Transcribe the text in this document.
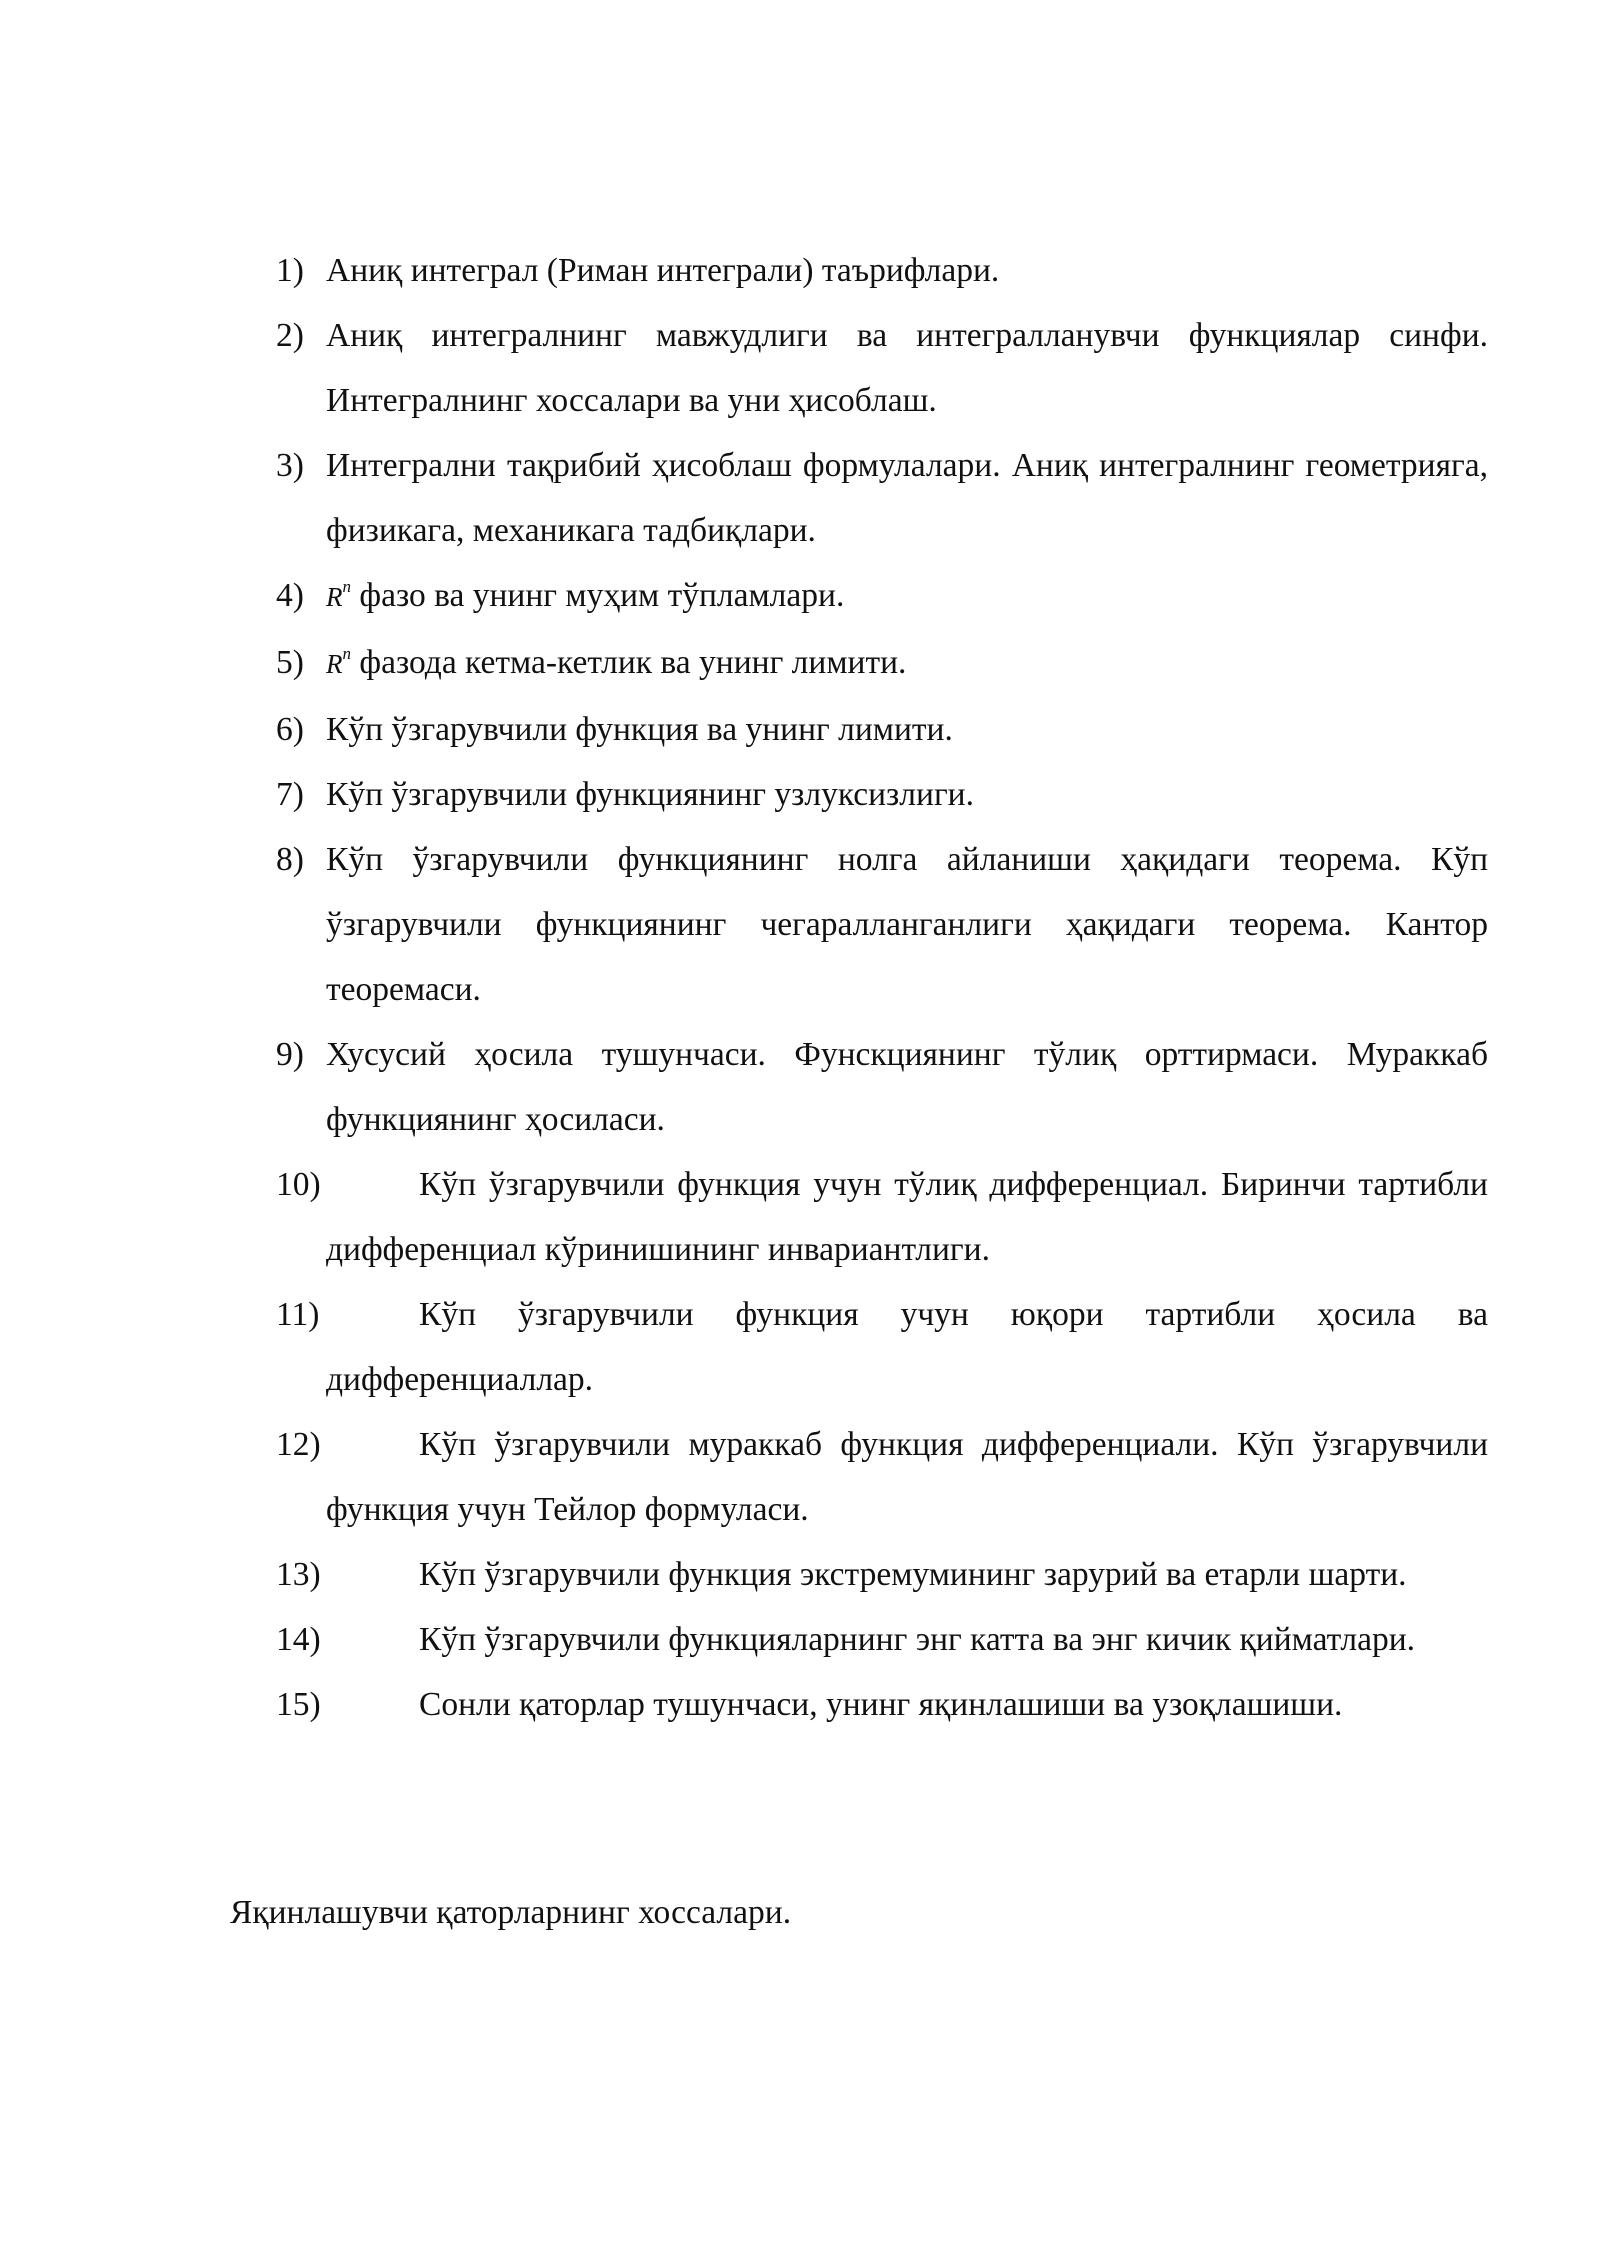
1) Аниқ интеграл (Риман интеграли) таърифлари.
2) Аниқ интегралнинг мавжудлиги ва интегралланувчи функциялар синфи. Интегралнинг хоссалари ва уни ҳисоблаш.
3) Интегрални тақрибий ҳисоблаш формулалари. Аниқ интегралнинг геометрияга, физикага, механикага тадбиқлари.
4) $R^n$ фазо ва унинг муҳим тўпламлари.
5) $R^n$ фазода кетма-кетлик ва унинг лимити.
6) Кўп ўзгарувчили функция ва унинг лимити.
7) Кўп ўзгарувчили функциянинг узлуксизлиги.
8) Кўп ўзгарувчили функциянинг нолга айланиши ҳақидаги теорема. Кўп ўзгарувчили функциянинг чегаралланганлиги ҳақидаги теорема. Кантор теоремаси.
9) Хусусий ҳосила тушунчаси. Фунскциянинг тўлиқ орттирмаси. Мураккаб функциянинг ҳосиласи.
10)	Кўп ўзгарувчили функция учун тўлиқ дифференциал. Биринчи тартибли дифференциал кўринишининг инвариантлиги.
11)	Кўп ўзгарувчили функция учун юқори тартибли ҳосила ва дифференциаллар.
12)	Кўп ўзгарувчили мураккаб функция дифференциали. Кўп ўзгарувчили функция учун Тейлор формуласи.
13)	Кўп ўзгарувчили функция экстремумининг зарурий ва етарли шарти.
14)	Кўп ўзгарувчили функцияларнинг энг катта ва энг кичик қийматлари.
15)	Сонли қаторлар тушунчаси, унинг яқинлашиши ва узоқлашиши.

Яқинлашувчи қаторларнинг хоссалари.
